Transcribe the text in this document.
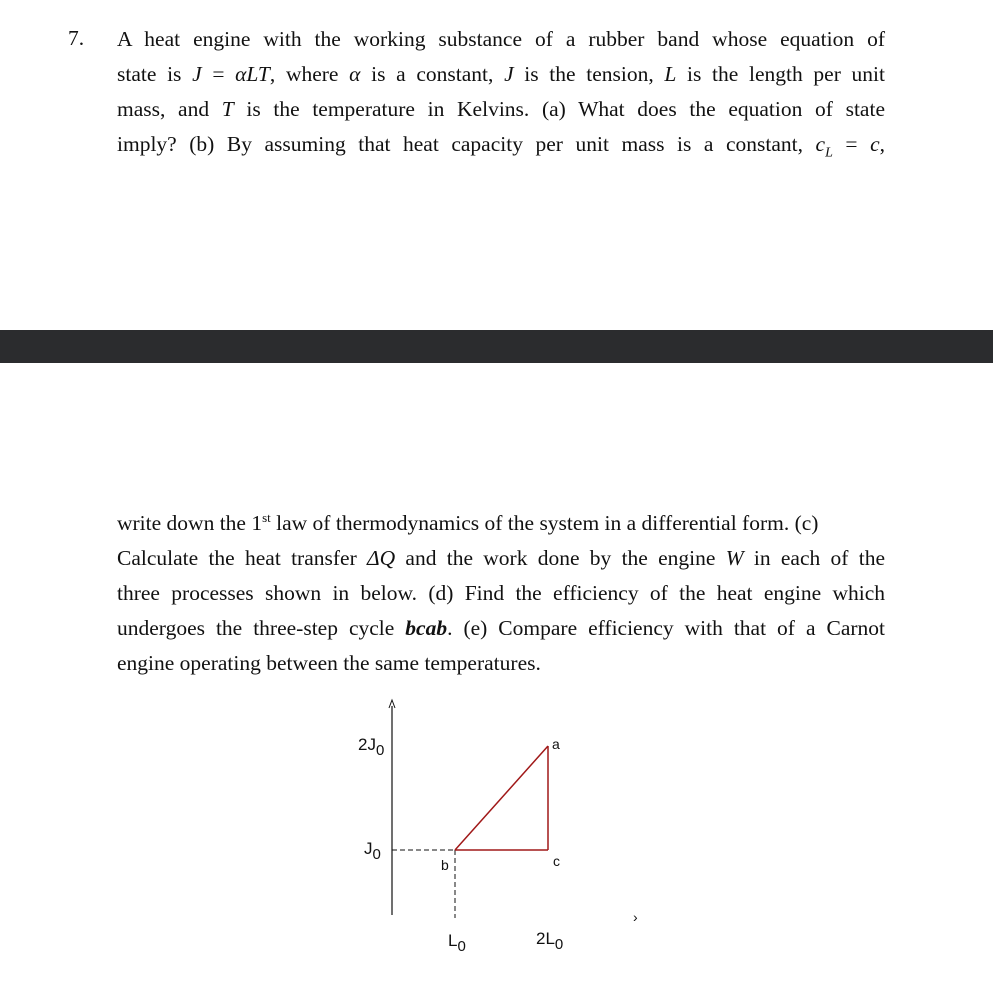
7. A heat engine with the working substance of a rubber band whose equation of
state is J = αLT, where α is a constant, J is the tension, L is the length per unit
mass, and T is the temperature in Kelvins. (a) What does the equation of state
imply? (b) By assuming that heat capacity per unit mass is a constant, $c_L = c$,
write down the 1st law of thermodynamics of the system in a differential form. (c)
Calculate the heat transfer ΔQ and the work done by the engine W in each of the
three processes shown in below. (d) Find the efficiency of the heat engine which
undergoes the three-step cycle bcab. (e) Compare efficiency with that of a Carnot
engine operating between the same temperatures.
2J0
J0
L0	2L0
a
b	c
›
